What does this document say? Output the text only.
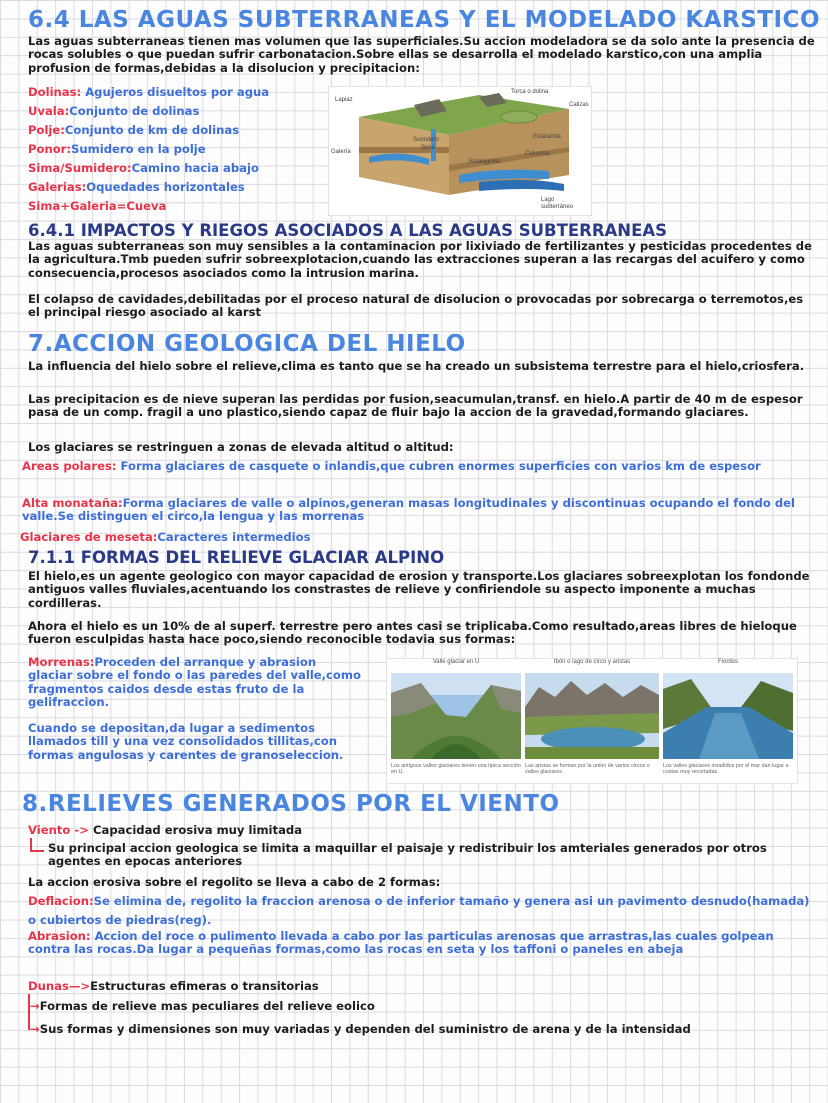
6.4 LAS AGUAS SUBTERRANEAS Y EL MODELADO KARSTICO
Las aguas subterraneas tienen mas volumen que las superficiales.Su accion modeladora se da solo ante la presencia de rocas solubles o que puedan sufrir carbonatacion.Sobre ellas se desarrolla el modelado karstico,con una amplia profusion de formas,debidas a la disolucion y precipitacion:
Dolinas: Agujeros disueltos por agua
Uvala:Conjunto de dolinas
Polje:Conjunto de km de dolinas
Ponor:Sumidero en la polje
Sima/Sumidero:Camino hacia abajo
Galerias:Oquedades horizontales
Sima+Galeria=Cueva
Lapiaz
Torca o dolina
Calizas
Galería
Sumidero
Sima
Estalactita
Columna
Estalagmita
Lago
subterráneo
6.4.1 IMPACTOS Y RIEGOS ASOCIADOS A LAS AGUAS SUBTERRANEAS
Las aguas subterraneas son muy sensibles a la contaminacion por lixiviado de fertilizantes y pesticidas procedentes de la agricultura.Tmb pueden sufrir sobreexplotacion,cuando las extracciones superan a las recargas del acuifero y como consecuencia,procesos asociados como la intrusion marina.
El colapso de cavidades,debilitadas por el proceso natural de disolucion o provocadas por sobrecarga o terremotos,es el principal riesgo asociado al karst
7.ACCION GEOLOGICA DEL HIELO
La influencia del hielo sobre el relieve,clima es tanto que se ha creado un subsistema terrestre para el hielo,criosfera.
Las precipitacion es de nieve superan las perdidas por fusion,seacumulan,transf. en hielo.A partir de 40 m de espesor pasa de un comp. fragil a uno plastico,siendo capaz de fluir bajo la accion de la gravedad,formando glaciares.
Los glaciares se restringuen a zonas de elevada altitud o altitud:
Areas polares: Forma glaciares de casquete o inlandis,que cubren enormes superficies con varios km de espesor
Alta monataña:Forma glaciares de valle o alpinos,generan masas longitudinales y discontinuas ocupando el fondo del valle.Se distinguen el circo,la lengua y las morrenas
Glaciares de meseta:Caracteres intermedios
7.1.1 FORMAS DEL RELIEVE GLACIAR ALPINO
El hielo,es un agente geologico con mayor capacidad de erosion y transporte.Los glaciares sobreexplotan los fondonde antiguos valles fluviales,acentuando los constrastes de relieve y confiriendole su aspecto imponente a muchas cordilleras.
Ahora el hielo es un 10% de al superf. terrestre pero antes casi se triplicaba.Como resultado,areas libres de hieloque fueron esculpidas hasta hace poco,siendo reconocible todavia sus formas:
Morrenas:Proceden del arranque y abrasion glaciar sobre el fondo o las paredes del valle,como fragmentos caidos desde estas fruto de la gelifraccion.
Cuando se depositan,da lugar a sedimentos llamados till y una vez consolidados tillitas,con formas angulosas y carentes de granoseleccion.
Valle glaciar en U	Ibón o lago de circo y aristas	Fiordos
Los antiguos valles glaciares tienen una típica sección en U.
Las aristas se forman por la unión de varios circos o valles glaciares.
Los valles glaciares invadidos por el mar dan lugar a costas muy recortadas.
8.RELIEVES GENERADOS POR EL VIENTO
Viento -> Capacidad erosiva muy limitada
Su principal accion geologica se limita a maquillar el paisaje y redistribuir los amteriales generados por otros agentes en epocas anteriores
La accion erosiva sobre el regolito se lleva a cabo de 2 formas:
Deflacion:Se elimina de, regolito la fraccion arenosa o de inferior tamaño y genera asi un pavimento desnudo(hamada) o cubiertos de piedras(reg).
Abrasion: Accion del roce o pulimento llevada a cabo por las particulas arenosas que arrastras,las cuales golpean contra las rocas.Da lugar a pequeñas formas,como las rocas en seta y los taffoni o paneles en abeja
Dunas—>Estructuras efimeras o transitorias
→Formas de relieve mas peculiares del relieve eolico
→Sus formas y dimensiones son muy variadas y dependen del suministro de arena y de la intensidad
